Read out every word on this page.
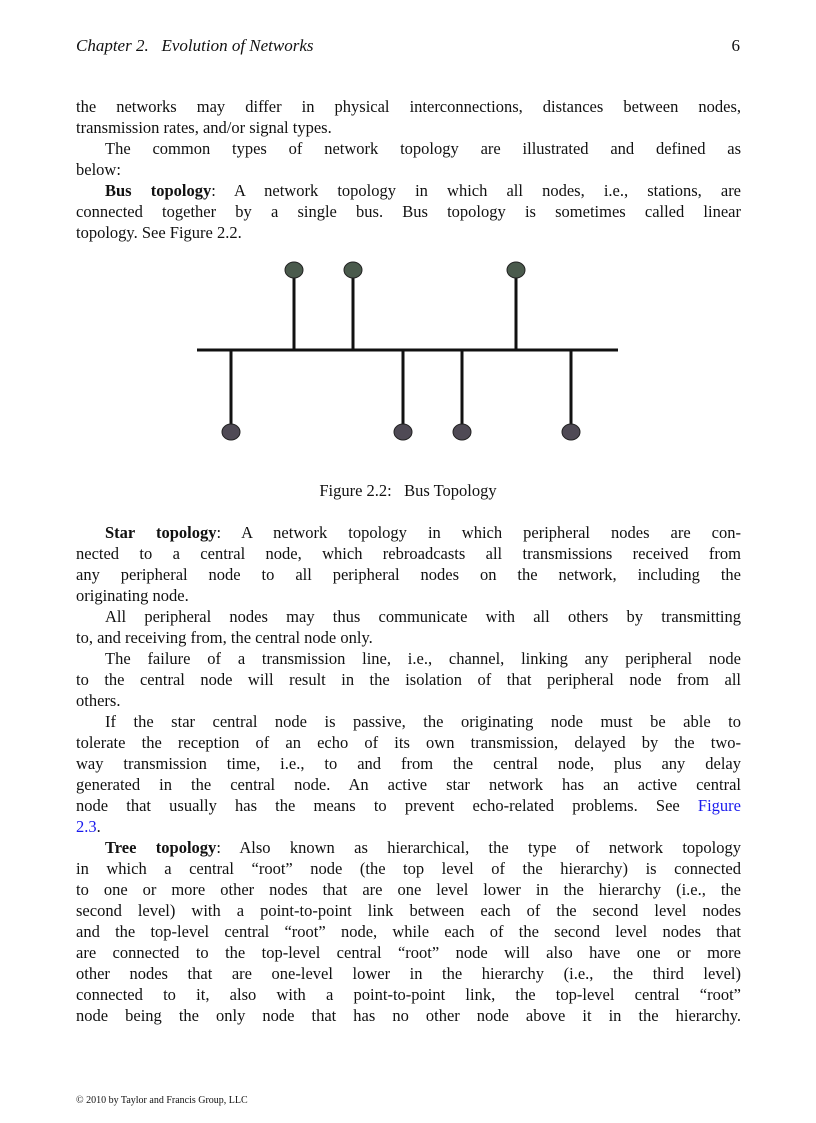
Chapter 2.   Evolution of Networks	6
the networks may differ in physical interconnections, distances between nodes,
transmission rates, and/or signal types.
The common types of network topology are illustrated and defined as
below:
Bus topology: A network topology in which all nodes, i.e., stations, are
connected together by a single bus. Bus topology is sometimes called linear
topology. See Figure 2.2.
Figure 2.2:   Bus Topology
Star topology: A network topology in which peripheral nodes are con-
nected to a central node, which rebroadcasts all transmissions received from
any peripheral node to all peripheral nodes on the network, including the
originating node.
All peripheral nodes may thus communicate with all others by transmitting
to, and receiving from, the central node only.
The failure of a transmission line, i.e., channel, linking any peripheral node
to the central node will result in the isolation of that peripheral node from all
others.
If the star central node is passive, the originating node must be able to
tolerate the reception of an echo of its own transmission, delayed by the two-
way transmission time, i.e., to and from the central node, plus any delay
generated in the central node. An active star network has an active central
node that usually has the means to prevent echo-related problems. See Figure
2.3.
Tree topology: Also known as hierarchical, the type of network topology
in which a central “root” node (the top level of the hierarchy) is connected
to one or more other nodes that are one level lower in the hierarchy (i.e., the
second level) with a point-to-point link between each of the second level nodes
and the top-level central “root” node, while each of the second level nodes that
are connected to the top-level central “root” node will also have one or more
other nodes that are one-level lower in the hierarchy (i.e., the third level)
connected to it, also with a point-to-point link, the top-level central “root”
node being the only node that has no other node above it in the hierarchy.
© 2010 by Taylor and Francis Group, LLC
